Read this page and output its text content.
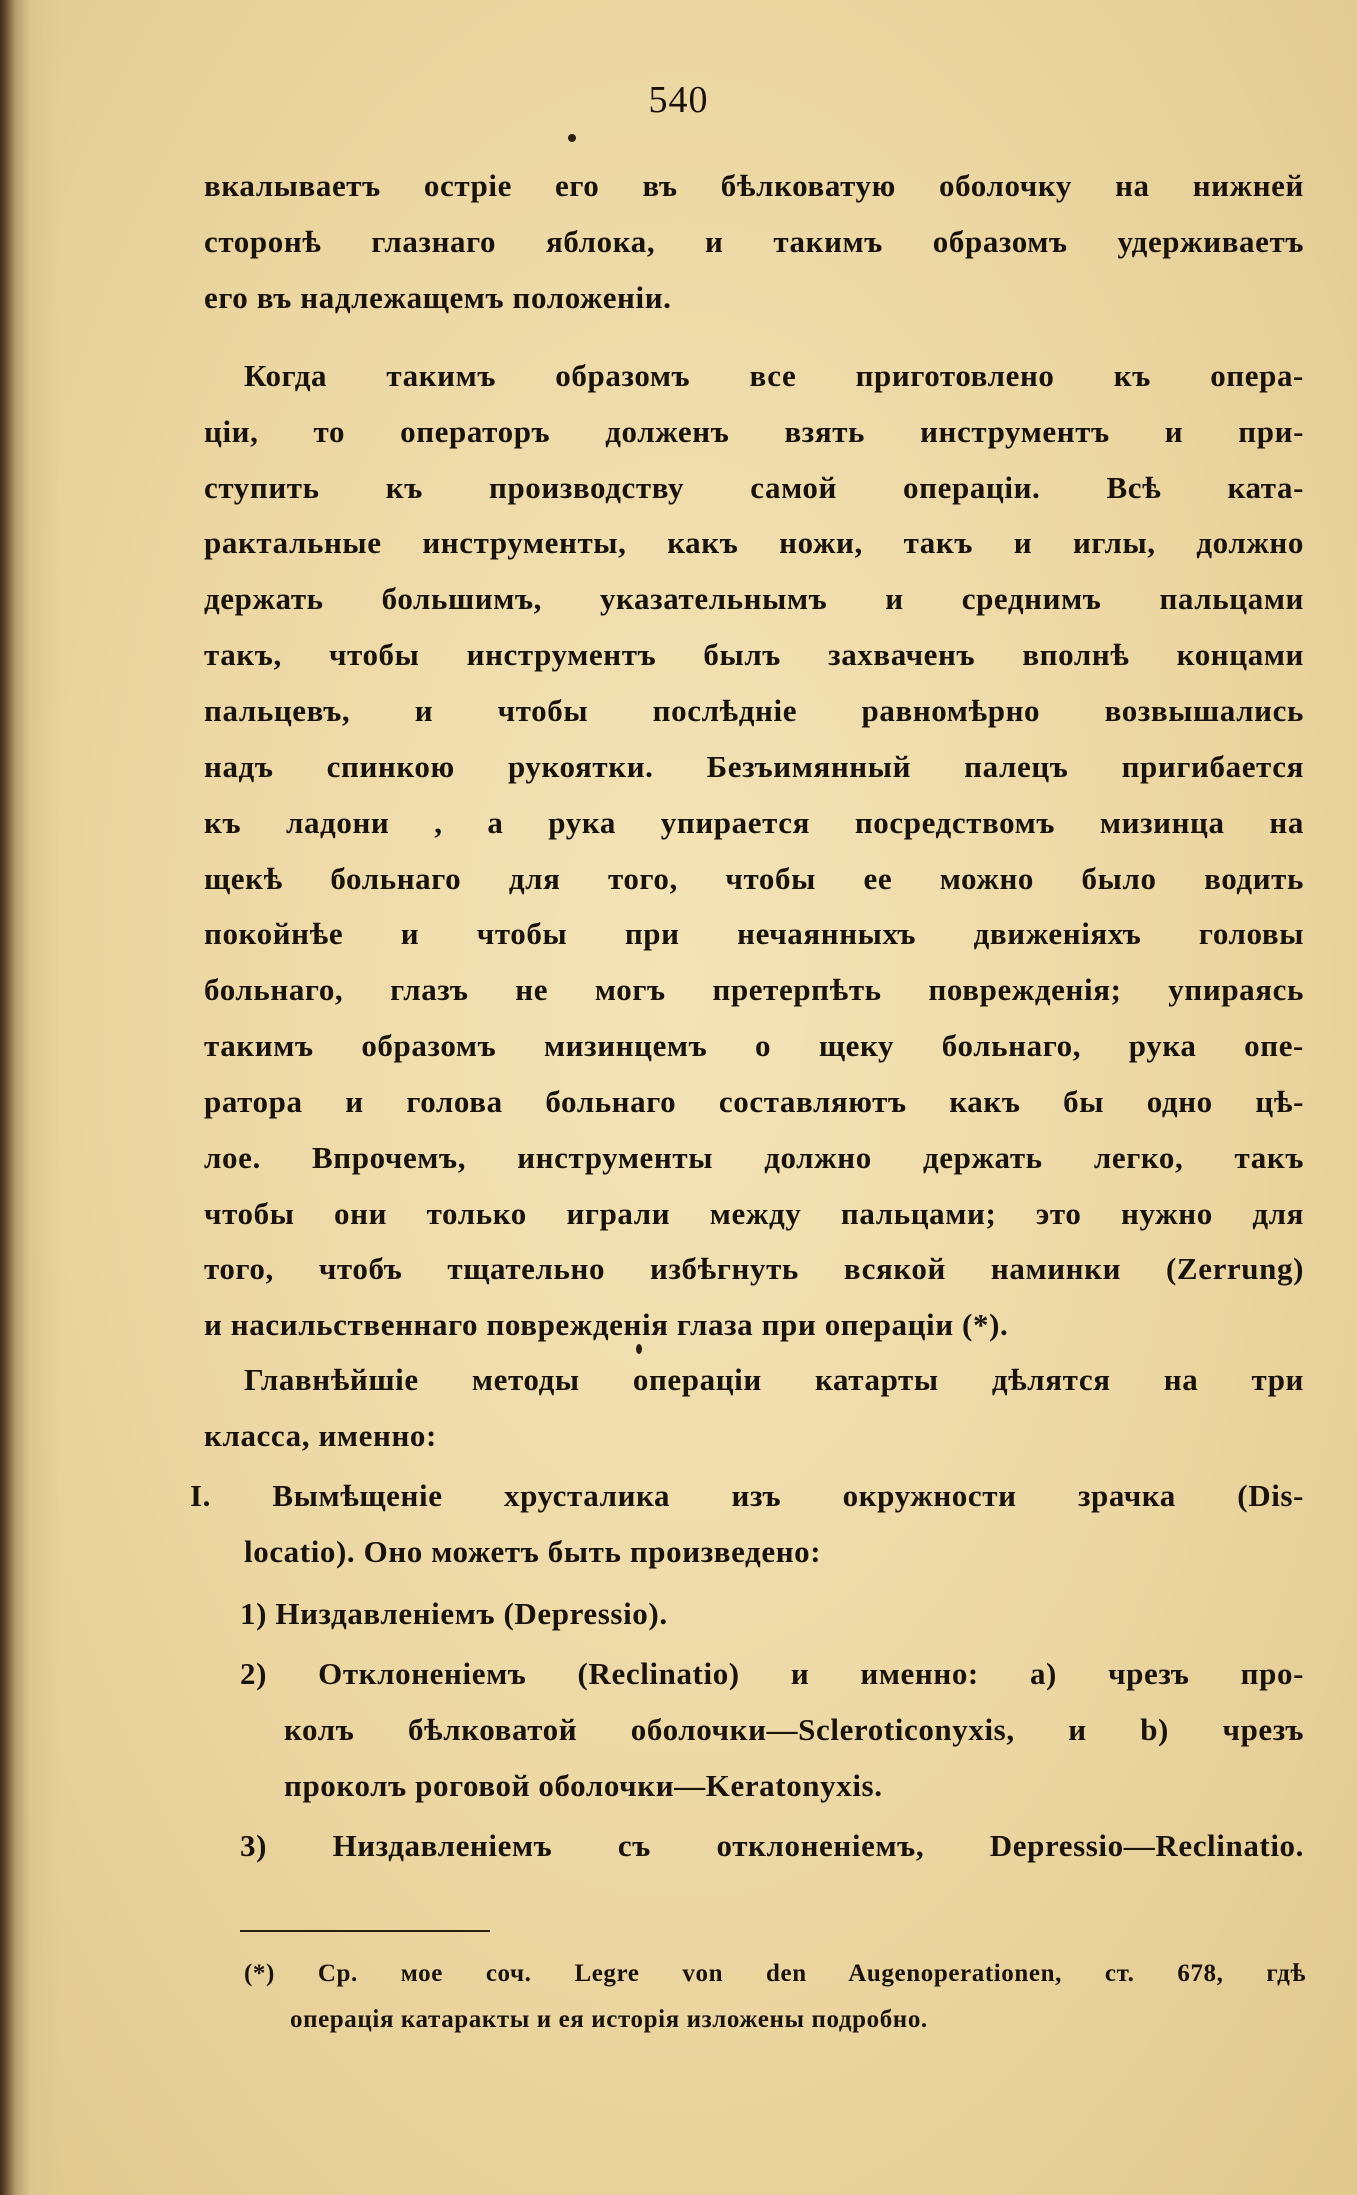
540
вкалываетъ остріе его въ бѣлковатую оболочку на нижней
сторонѣ глазнаго яблока, и такимъ образомъ удерживаетъ
его въ надлежащемъ положеніи.
Когда такимъ образомъ все приготовлено къ опера-
ціи, то операторъ долженъ взять инструментъ и при-
ступить къ производству самой операціи. Всѣ ката-
рактальные инструменты, какъ ножи, такъ и иглы, должно
держать большимъ, указательнымъ и среднимъ пальцами
такъ, чтобы инструментъ былъ захваченъ вполнѣ концами
пальцевъ, и чтобы послѣдніе равномѣрно возвышались
надъ спинкою рукоятки. Безъимянный палецъ пригибается
къ ладони , а рука упирается посредствомъ мизинца на
щекѣ больнаго для того, чтобы ее можно было водить
покойнѣе и чтобы при нечаянныхъ движеніяхъ головы
больнаго, глазъ не могъ претерпѣть поврежденія; упираясь
такимъ образомъ мизинцемъ о щеку больнаго, рука опе-
ратора и голова больнаго составляютъ какъ бы одно цѣ-
лое. Впрочемъ, инструменты должно держать легко, такъ
чтобы они только играли между пальцами; это нужно для
того, чтобъ тщательно избѣгнуть всякой наминки (Zerrung)
и насильственнаго поврежденія глаза при операціи (*).
Главнѣйшіе методы операціи катарты дѣлятся на три
класса, именно:
I. Вымѣщеніе хрусталика изъ окружности зрачка (Dis-
locatio). Оно можетъ быть произведено:
1) Низдавленіемъ (Depressio).
2) Отклоненіемъ (Reclinatio) и именно: a) чрезъ про-
колъ бѣлковатой оболочки—Scleroticonyxis, и b) чрезъ
проколъ роговой оболочки—Keratonyxis.
3) Низдавленіемъ съ отклоненіемъ, Depressio—Reclinatio.
(*) Ср. мое соч. Legre von den Augenoperationen, ст. 678, гдѣ
операція катаракты и ея исторія изложены подробно.
